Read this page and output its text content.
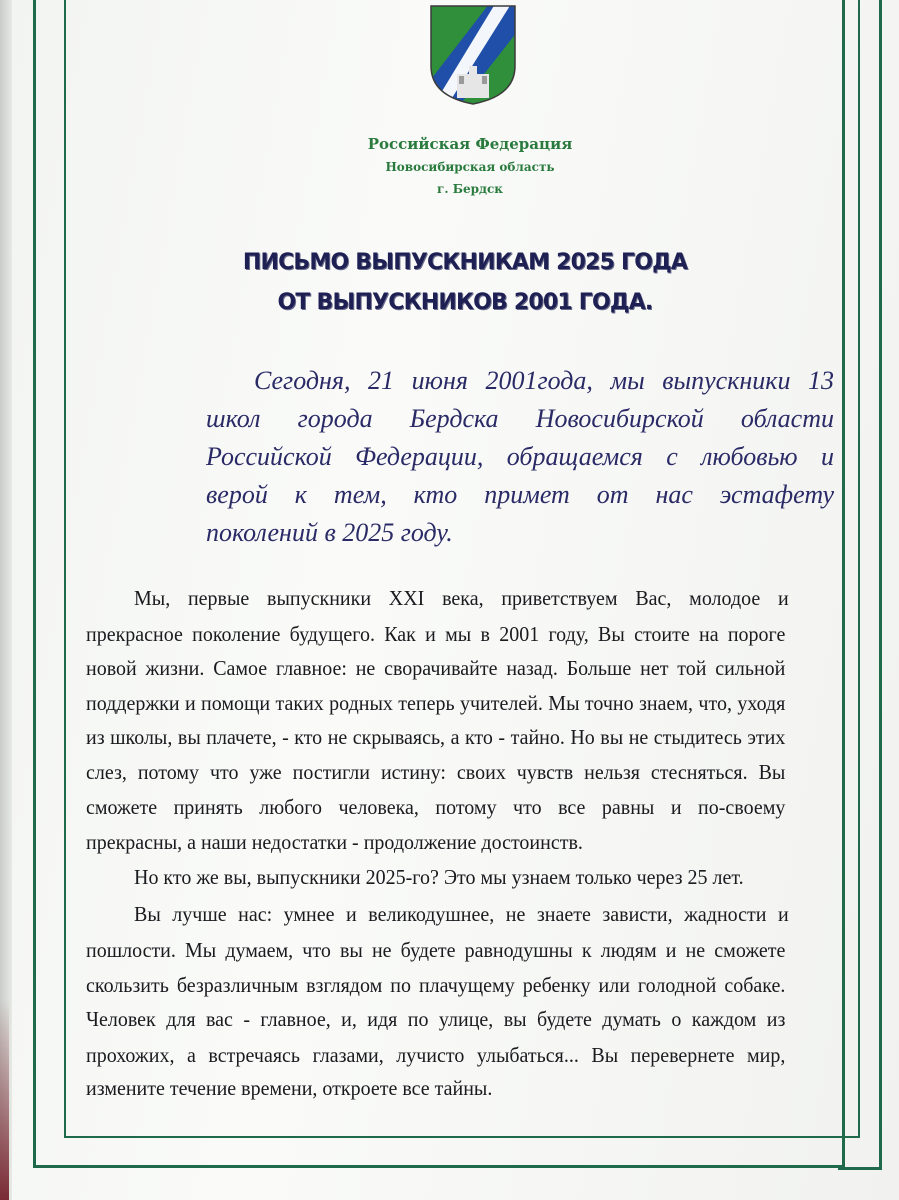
Российская Федерация
Новосибирская область
г. Бердск
ПИСЬМО ВЫПУСКНИКАМ 2025 ГОДА
ОТ ВЫПУСКНИКОВ 2001 ГОДА.
Сегодня, 21 июня 2001года, мы выпускники 13
школ города Бердска Новосибирской области
Российской Федерации, обращаемся с любовью и
верой к тем, кто примет от нас эстафету
поколений в 2025 году.
Мы, первые выпускники XXI века, приветствуем Вас, молодое и
прекрасное поколение будущего. Как и мы в 2001 году, Вы стоите на пороге
новой жизни. Самое главное: не сворачивайте назад. Больше нет той сильной
поддержки и помощи таких родных теперь учителей. Мы точно знаем, что, уходя
из школы, вы плачете, - кто не скрываясь, а кто - тайно. Но вы не стыдитесь этих
слез, потому что уже постигли истину: своих чувств нельзя стесняться. Вы
сможете принять любого человека, потому что все равны и по-своему
прекрасны, а наши недостатки - продолжение достоинств.
Но кто же вы, выпускники 2025-го? Это мы узнаем только через 25 лет.
Вы лучше нас: умнее и великодушнее, не знаете зависти, жадности и
пошлости. Мы думаем, что вы не будете равнодушны к людям и не сможете
скользить безразличным взглядом по плачущему ребенку или голодной собаке.
Человек для вас - главное, и, идя по улице, вы будете думать о каждом из
прохожих, а встречаясь глазами, лучисто улыбаться... Вы перевернете мир,
измените течение времени, откроете все тайны.
